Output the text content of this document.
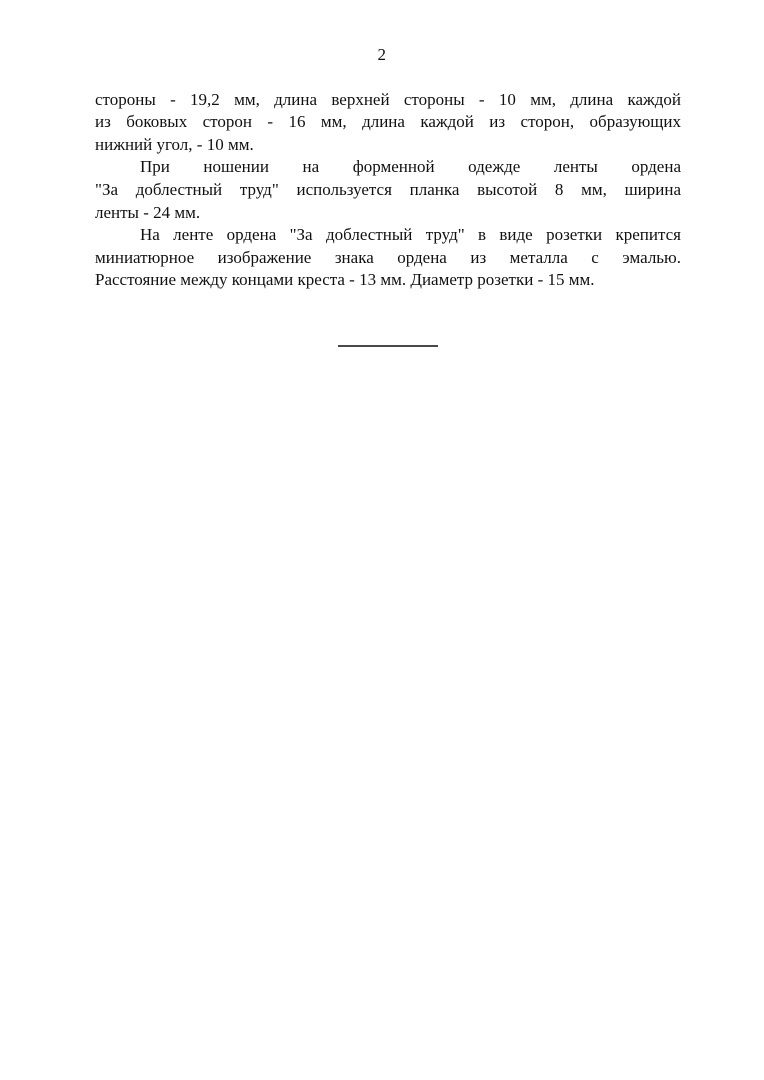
2
стороны - 19,2 мм, длина верхней стороны - 10 мм, длина каждой
из боковых сторон - 16 мм, длина каждой из сторон, образующих
нижний угол, - 10 мм.
При ношении на форменной одежде ленты ордена
"За доблестный труд" используется планка высотой 8 мм, ширина
ленты - 24 мм.
На ленте ордена "За доблестный труд" в виде розетки крепится
миниатюрное изображение знака ордена из металла с эмалью.
Расстояние между концами креста - 13 мм. Диаметр розетки - 15 мм.
